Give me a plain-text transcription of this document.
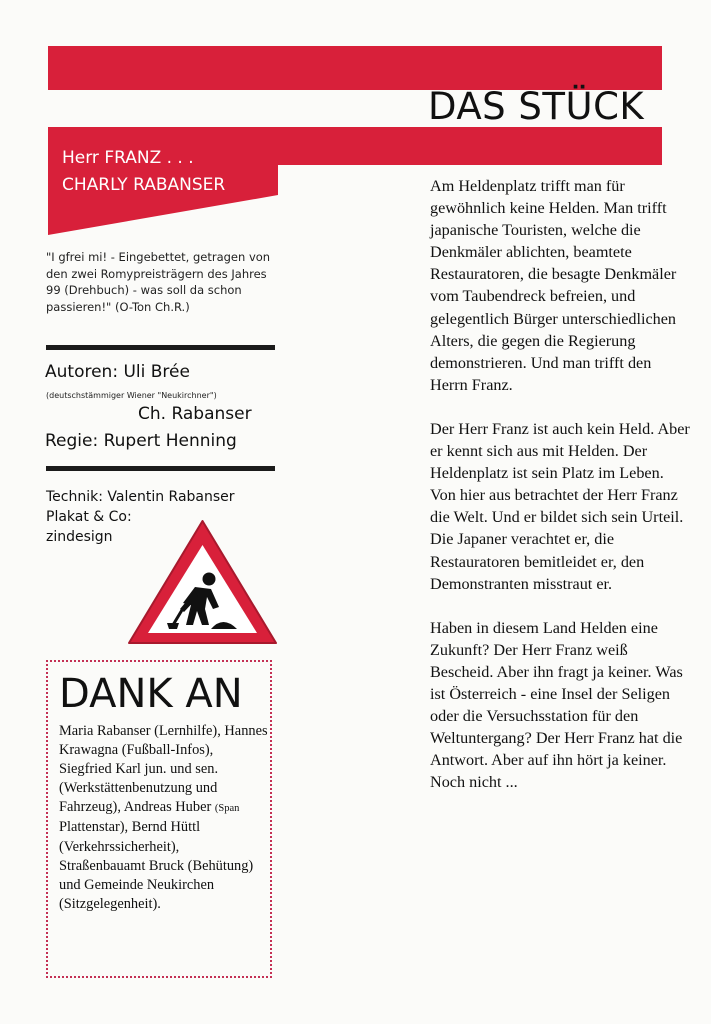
DAS STÜCK
Herr FRANZ . . .
CHARLY RABANSER
"I gfrei mi! - Eingebettet, getragen von den zwei Romypreisträgern des Jahres 99 (Drehbuch) - was soll da schon passieren!" (O-Ton Ch.R.)
Autoren: Uli Brée
(deutschstämmiger Wiener "Neukirchner")
Ch. Rabanser
Regie: Rupert Henning
Technik: Valentin Rabanser
Plakat & Co:
zindesign
DANK AN
Maria Rabanser (Lernhilfe), Hannes Krawagna (Fußball-Infos), Siegfried Karl jun. und sen. (Werkstättenbenutzung und Fahrzeug), Andreas Huber (Span Plattenstar), Bernd Hüttl (Verkehrssicherheit), Straßenbauamt Bruck (Behütung) und Gemeinde Neukirchen (Sitzgelegenheit).

Am Heldenplatz trifft man für gewöhnlich keine Helden. Man trifft japanische Touristen, welche die Denkmäler ablichten, beamtete Restauratoren, die besagte Denkmäler vom Taubendreck befreien, und gelegentlich Bürger unterschiedlichen Alters, die gegen die Regierung demonstrieren. Und man trifft den Herrn Franz.

Der Herr Franz ist auch kein Held. Aber er kennt sich aus mit Helden. Der Heldenplatz ist sein Platz im Leben. Von hier aus betrachtet der Herr Franz die Welt. Und er bildet sich sein Urteil. Die Japaner verachtet er, die Restauratoren bemitleidet er, den Demonstranten misstraut er.

Haben in diesem Land Helden eine Zukunft? Der Herr Franz weiß Bescheid. Aber ihn fragt ja keiner. Was ist Österreich - eine Insel der Seligen oder die Versuchsstation für den Weltuntergang? Der Herr Franz hat die Antwort. Aber auf ihn hört ja keiner. Noch nicht ...
